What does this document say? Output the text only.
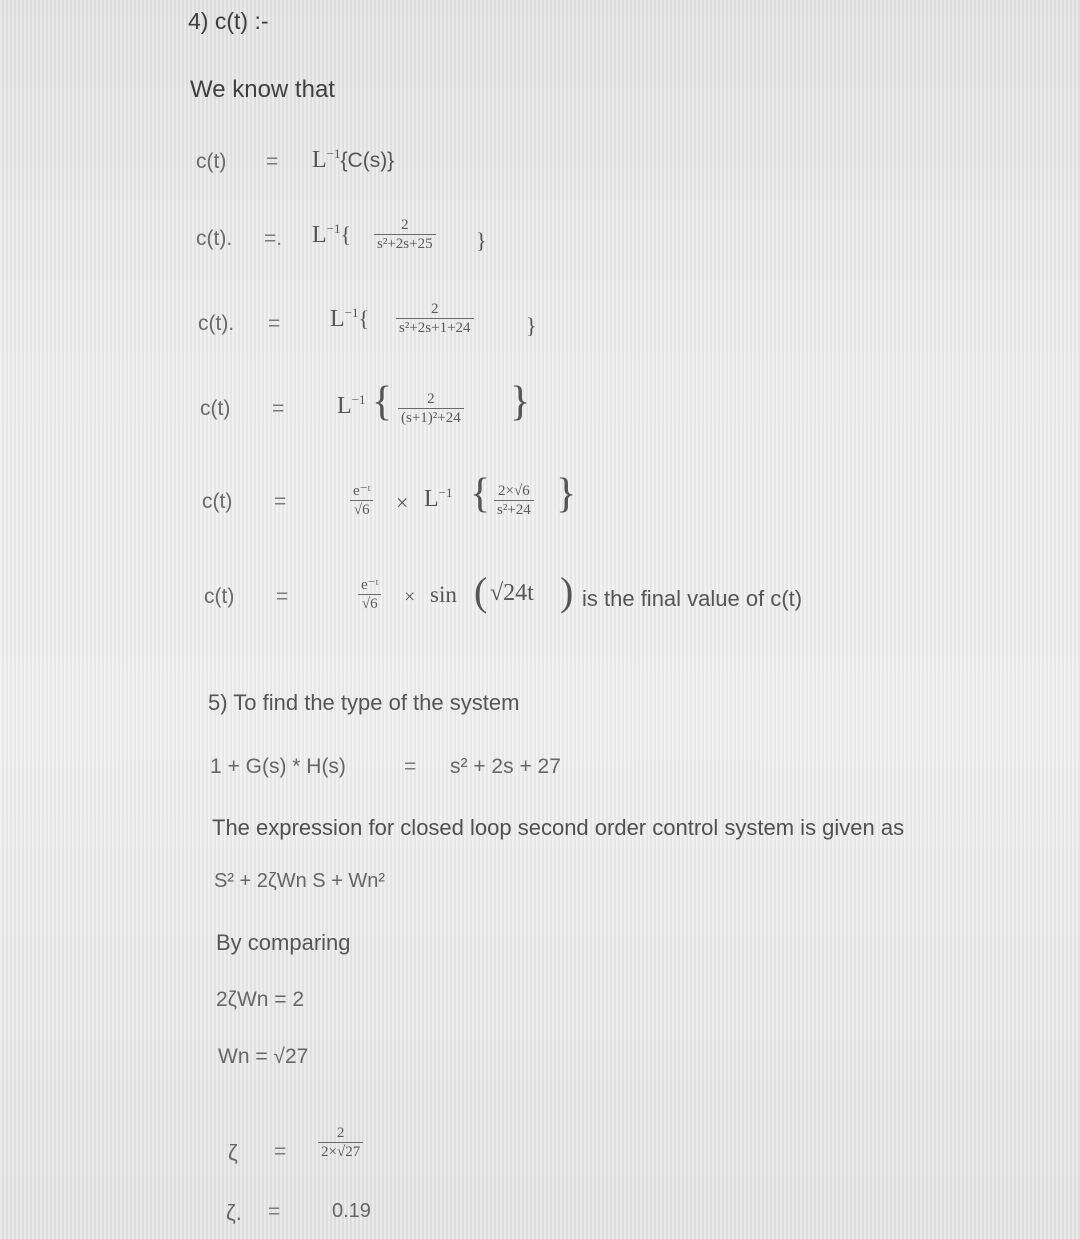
4) c(t) :-
We know that
$c(t) = L^{-1}\{C(s)\}$
c(t). =. $L^{-1}${	2
s²+2s+25 }
c(t). = $L^{-1}${	2
s²+2s+1+24	}
$c(t) = L^{-1}$ { 2
(s+1)²+24 }
c(t) =	e⁻ᵗ
$√6 \times L^{-1}$ { 2×√6
s²+24 }
c(t) =	e⁻ᵗ
√6 × sin ( √24t ) is the final value of c(t)
5) To find the type of the system
1 + G(s) * H(s)	= s² + 2s + 27
The expression for closed loop second order control system is given as
S² + 2ζWn S + Wn²
By comparing
2ζWn = 2
Wn = √27
ζ =
2
2×√27
ζ. =	0.19
